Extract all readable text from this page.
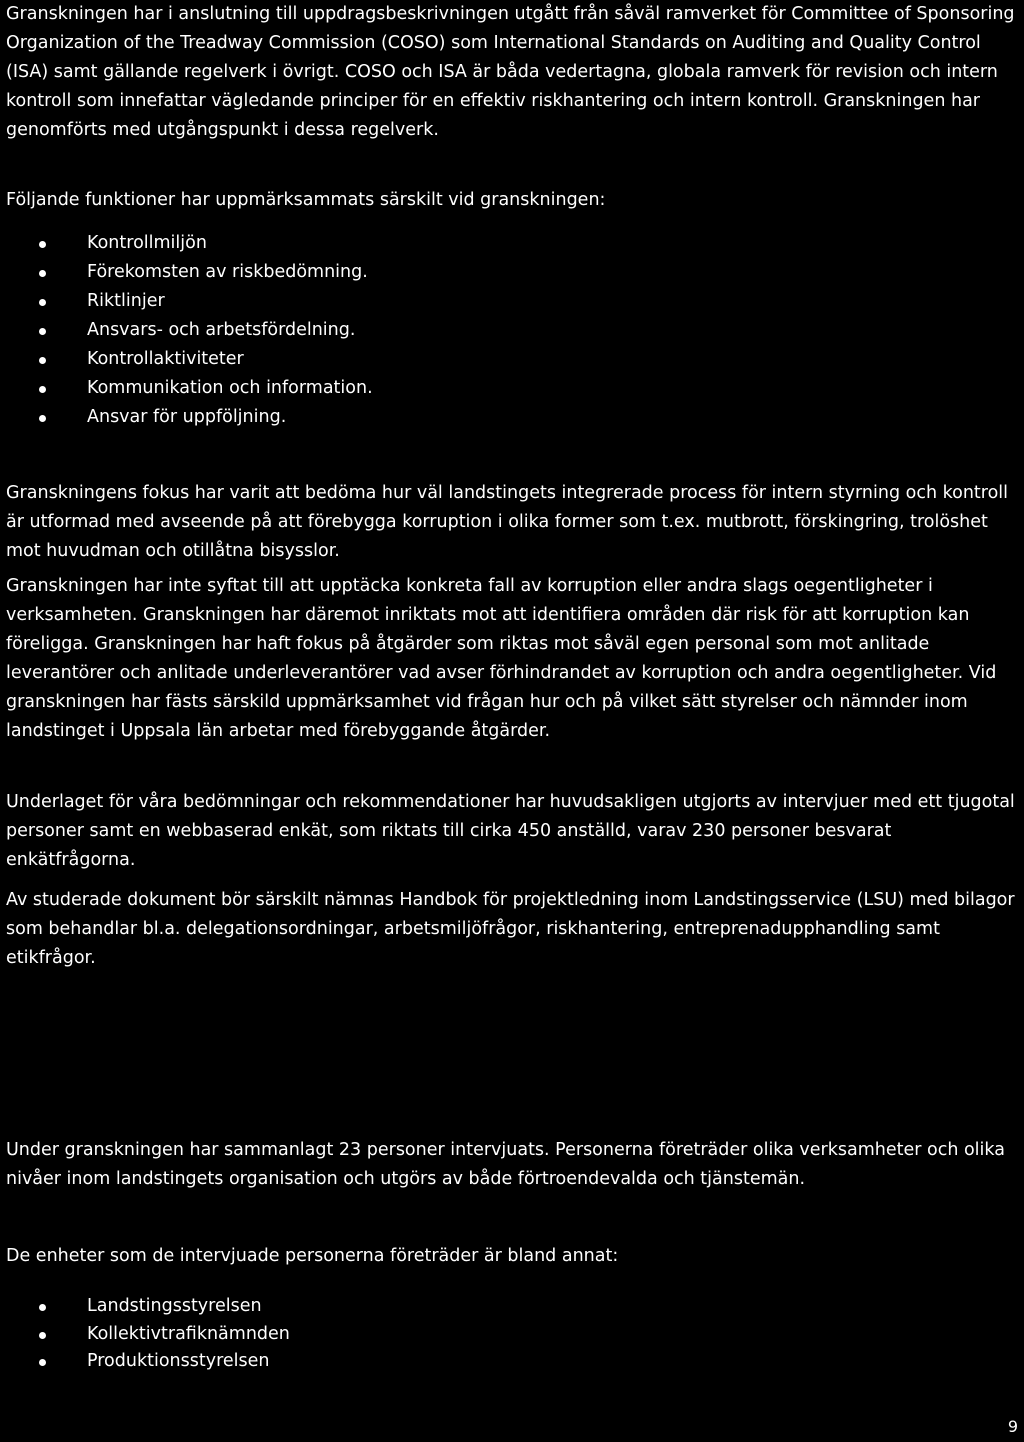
Granskningen har i anslutning till uppdragsbeskrivningen utgått från såväl ramverket för Committee of Sponsoring Organization of the Treadway Commission (COSO) som International Standards on Auditing and Quality Control (ISA) samt gällande regelverk i övrigt. COSO och ISA är båda vedertagna, globala ramverk för revision och intern kontroll som innefattar vägledande principer för en effektiv riskhantering och intern kontroll. Granskningen har genomförts med utgångspunkt i dessa regelverk.

Följande funktioner har uppmärksammats särskilt vid granskningen:

Kontrollmiljön
Förekomsten av riskbedömning.
Riktlinjer
Ansvars- och arbetsfördelning.
Kontrollaktiviteter
Kommunikation och information.
Ansvar för uppföljning.

Granskningens fokus har varit att bedöma hur väl landstingets integrerade process för intern styrning och kontroll är utformad med avseende på att förebygga korruption i olika former som t.ex. mutbrott, förskingring, trolöshet mot huvudman och otillåtna bisysslor.

Granskningen har inte syftat till att upptäcka konkreta fall av korruption eller andra slags oegentligheter i verksamheten. Granskningen har däremot inriktats mot att identifiera områden där risk för att korruption kan föreligga. Granskningen har haft fokus på åtgärder som riktas mot såväl egen personal som mot anlitade leverantörer och anlitade underleverantörer vad avser förhindrandet av korruption och andra oegentligheter. Vid granskningen har fästs särskild uppmärksamhet vid frågan hur och på vilket sätt styrelser och nämnder inom landstinget i Uppsala län arbetar med förebyggande åtgärder.

Underlaget för våra bedömningar och rekommendationer har huvudsakligen utgjorts av intervjuer med ett tjugotal personer samt en webbaserad enkät, som riktats till cirka 450 anställd, varav 230 personer besvarat enkätfrågorna.

Av studerade dokument bör särskilt nämnas Handbok för projektledning inom Landstingsservice (LSU) med bilagor som behandlar bl.a. delegationsordningar, arbetsmiljöfrågor, riskhantering, entreprenadupphandling samt etikfrågor.

Under granskningen har sammanlagt 23 personer intervjuats. Personerna företräder olika verksamheter och olika nivåer inom landstingets organisation och utgörs av både förtroendevalda och tjänstemän.

De enheter som de intervjuade personerna företräder är bland annat:

Landstingsstyrelsen
Kollektivtrafiknämnden
Produktionsstyrelsen
9
